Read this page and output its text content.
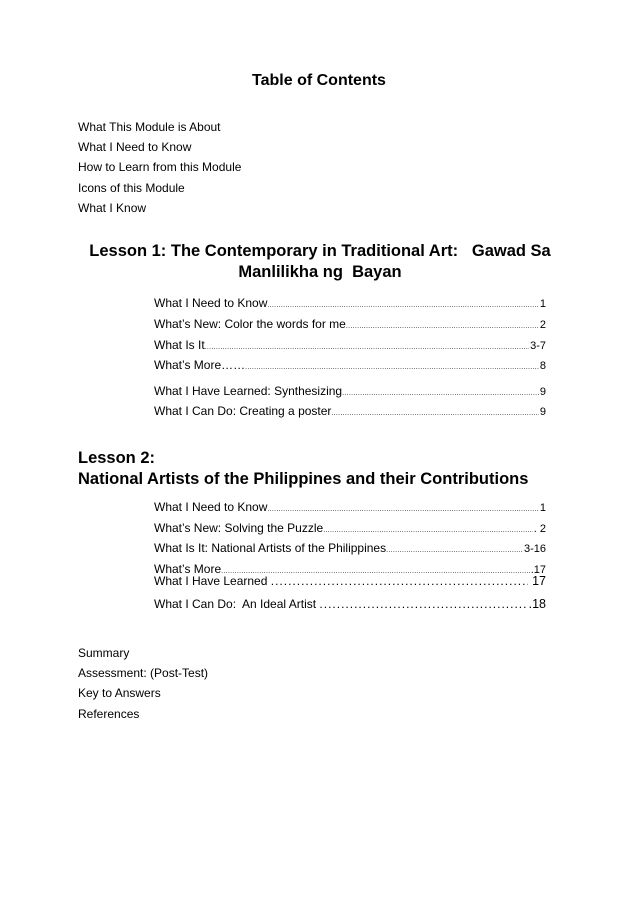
Table of Contents
What This Module is About
What I Need to Know
How to Learn from this Module
Icons of this Module
What I Know
Lesson 1: The Contemporary in Traditional Art:   Gawad Sa
Manlilikha ng  Bayan
What I Need to Know .....	1
What’s New: Color the words for me .....	2
What Is It .....	3-7
What’s More…… .....	8
What I Have Learned: Synthesizing .....	9
What I Can Do: Creating a poster .....	9
Lesson 2:
National Artists of the Philippines and their Contributions
What I Need to Know .....	1
What’s New: Solving the Puzzle .....	. 2
What Is It: National Artists of the Philippines .....	3-16
What’s More .....	.17
What I Have Learned .....	17
What I Can Do:  An Ideal Artist .....	.18
Summary
Assessment: (Post-Test)
Key to Answers
References
